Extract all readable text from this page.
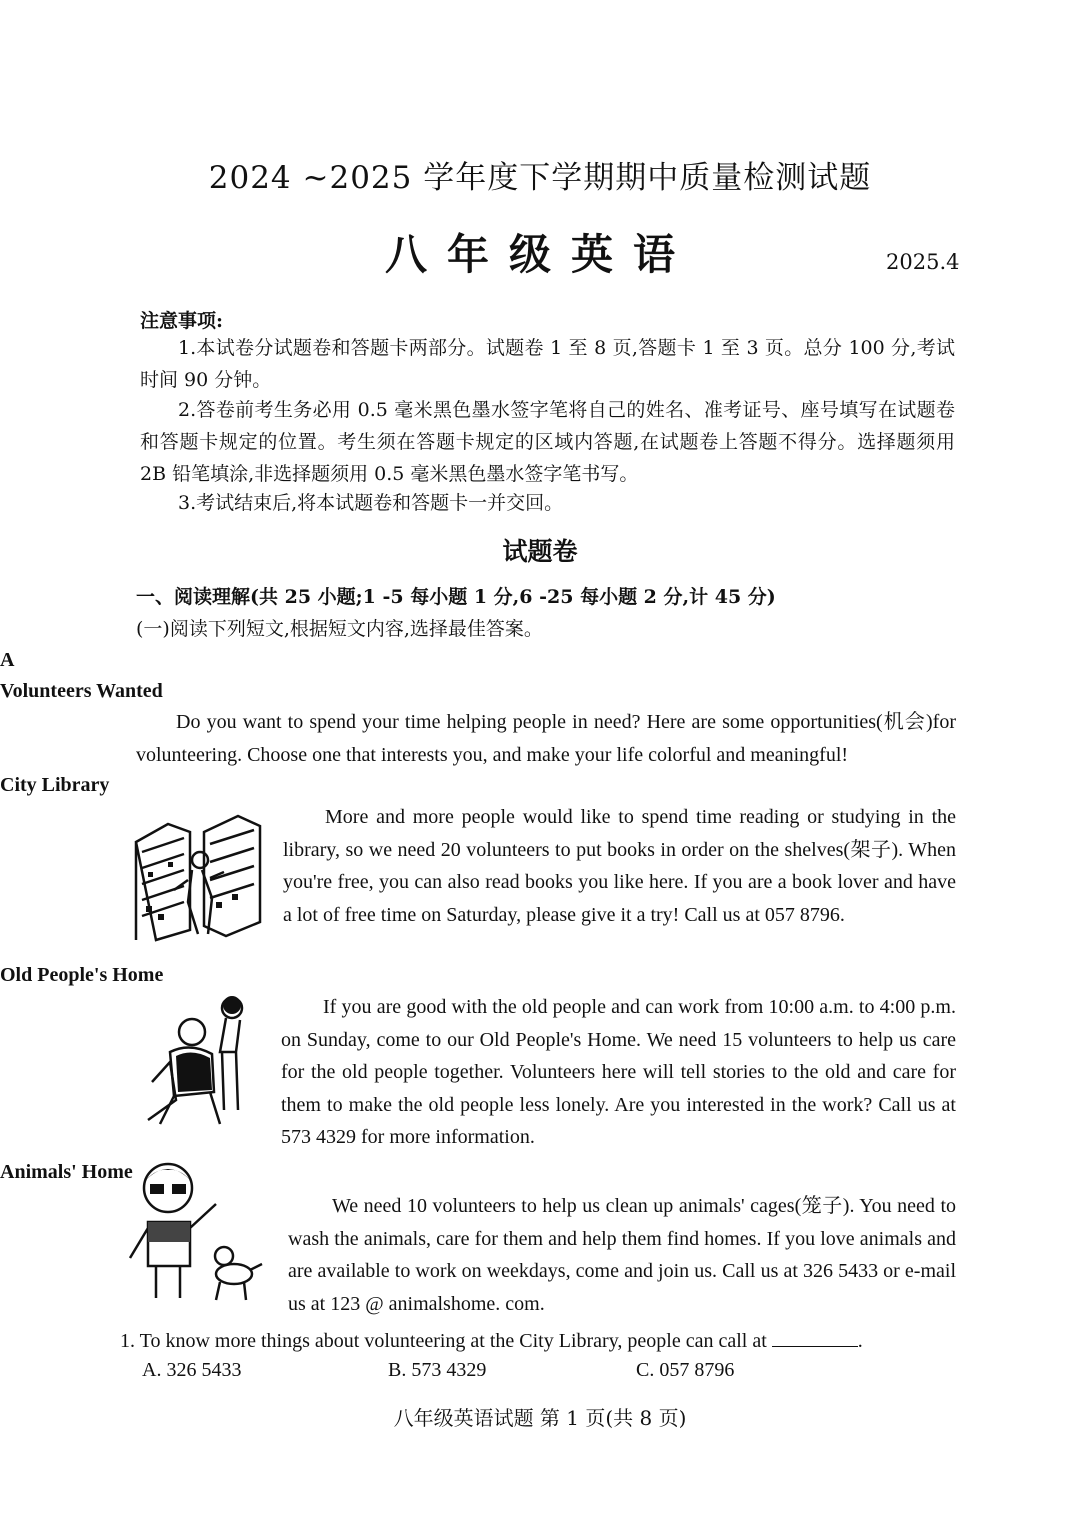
2024 ~2025 学年度下学期期中质量检测试题
八年级英语	2025.4
注意事项:
1.本试卷分试题卷和答题卡两部分。试题卷 1 至 8 页,答题卡 1 至 3 页。总分 100 分,考试时间 90 分钟。
2.答卷前考生务必用 0.5 毫米黑色墨水签字笔将自己的姓名、准考证号、座号填写在试题卷和答题卡规定的位置。考生须在答题卡规定的区域内答题,在试题卷上答题不得分。选择题须用 2B 铅笔填涂,非选择题须用 0.5 毫米黑色墨水签字笔书写。
3.考试结束后,将本试题卷和答题卡一并交回。
试题卷
一、阅读理解(共 25 小题;1 -5 每小题 1 分,6 -25 每小题 2 分,计 45 分)
(一)阅读下列短文,根据短文内容,选择最佳答案。
A
Volunteers Wanted
Do you want to spend your time helping people in need? Here are some opportunities(机会)for volunteering. Choose one that interests you, and make your life colorful and meaningful!
City Library
More and more people would like to spend time reading or studying in the library, so we need 20 volunteers to put books in order on the shelves(架子). When you're free, you can also read books you like here. If you are a book lover and have a lot of free time on Saturday, please give it a try! Call us at 057 8796.
Old People's Home
If you are good with the old people and can work from 10:00 a.m. to 4:00 p.m. on Sunday, come to our Old People's Home. We need 15 volunteers to help us care for the old people together. Volunteers here will tell stories to the old and care for them to make the old people less lonely. Are you interested in the work? Call us at 573 4329 for more information.
Animals' Home
We need 10 volunteers to help us clean up animals' cages(笼子). You need to wash the animals, care for them and help them find homes. If you love animals and are available to work on weekdays, come and join us. Call us at 326 5433 or e-mail us at 123 @ animalshome. com.
1. To know more things about volunteering at the City Library, people can call at	.
A. 326 5433	B. 573 4329	C. 057 8796
八年级英语试题 第 1 页(共 8 页)
